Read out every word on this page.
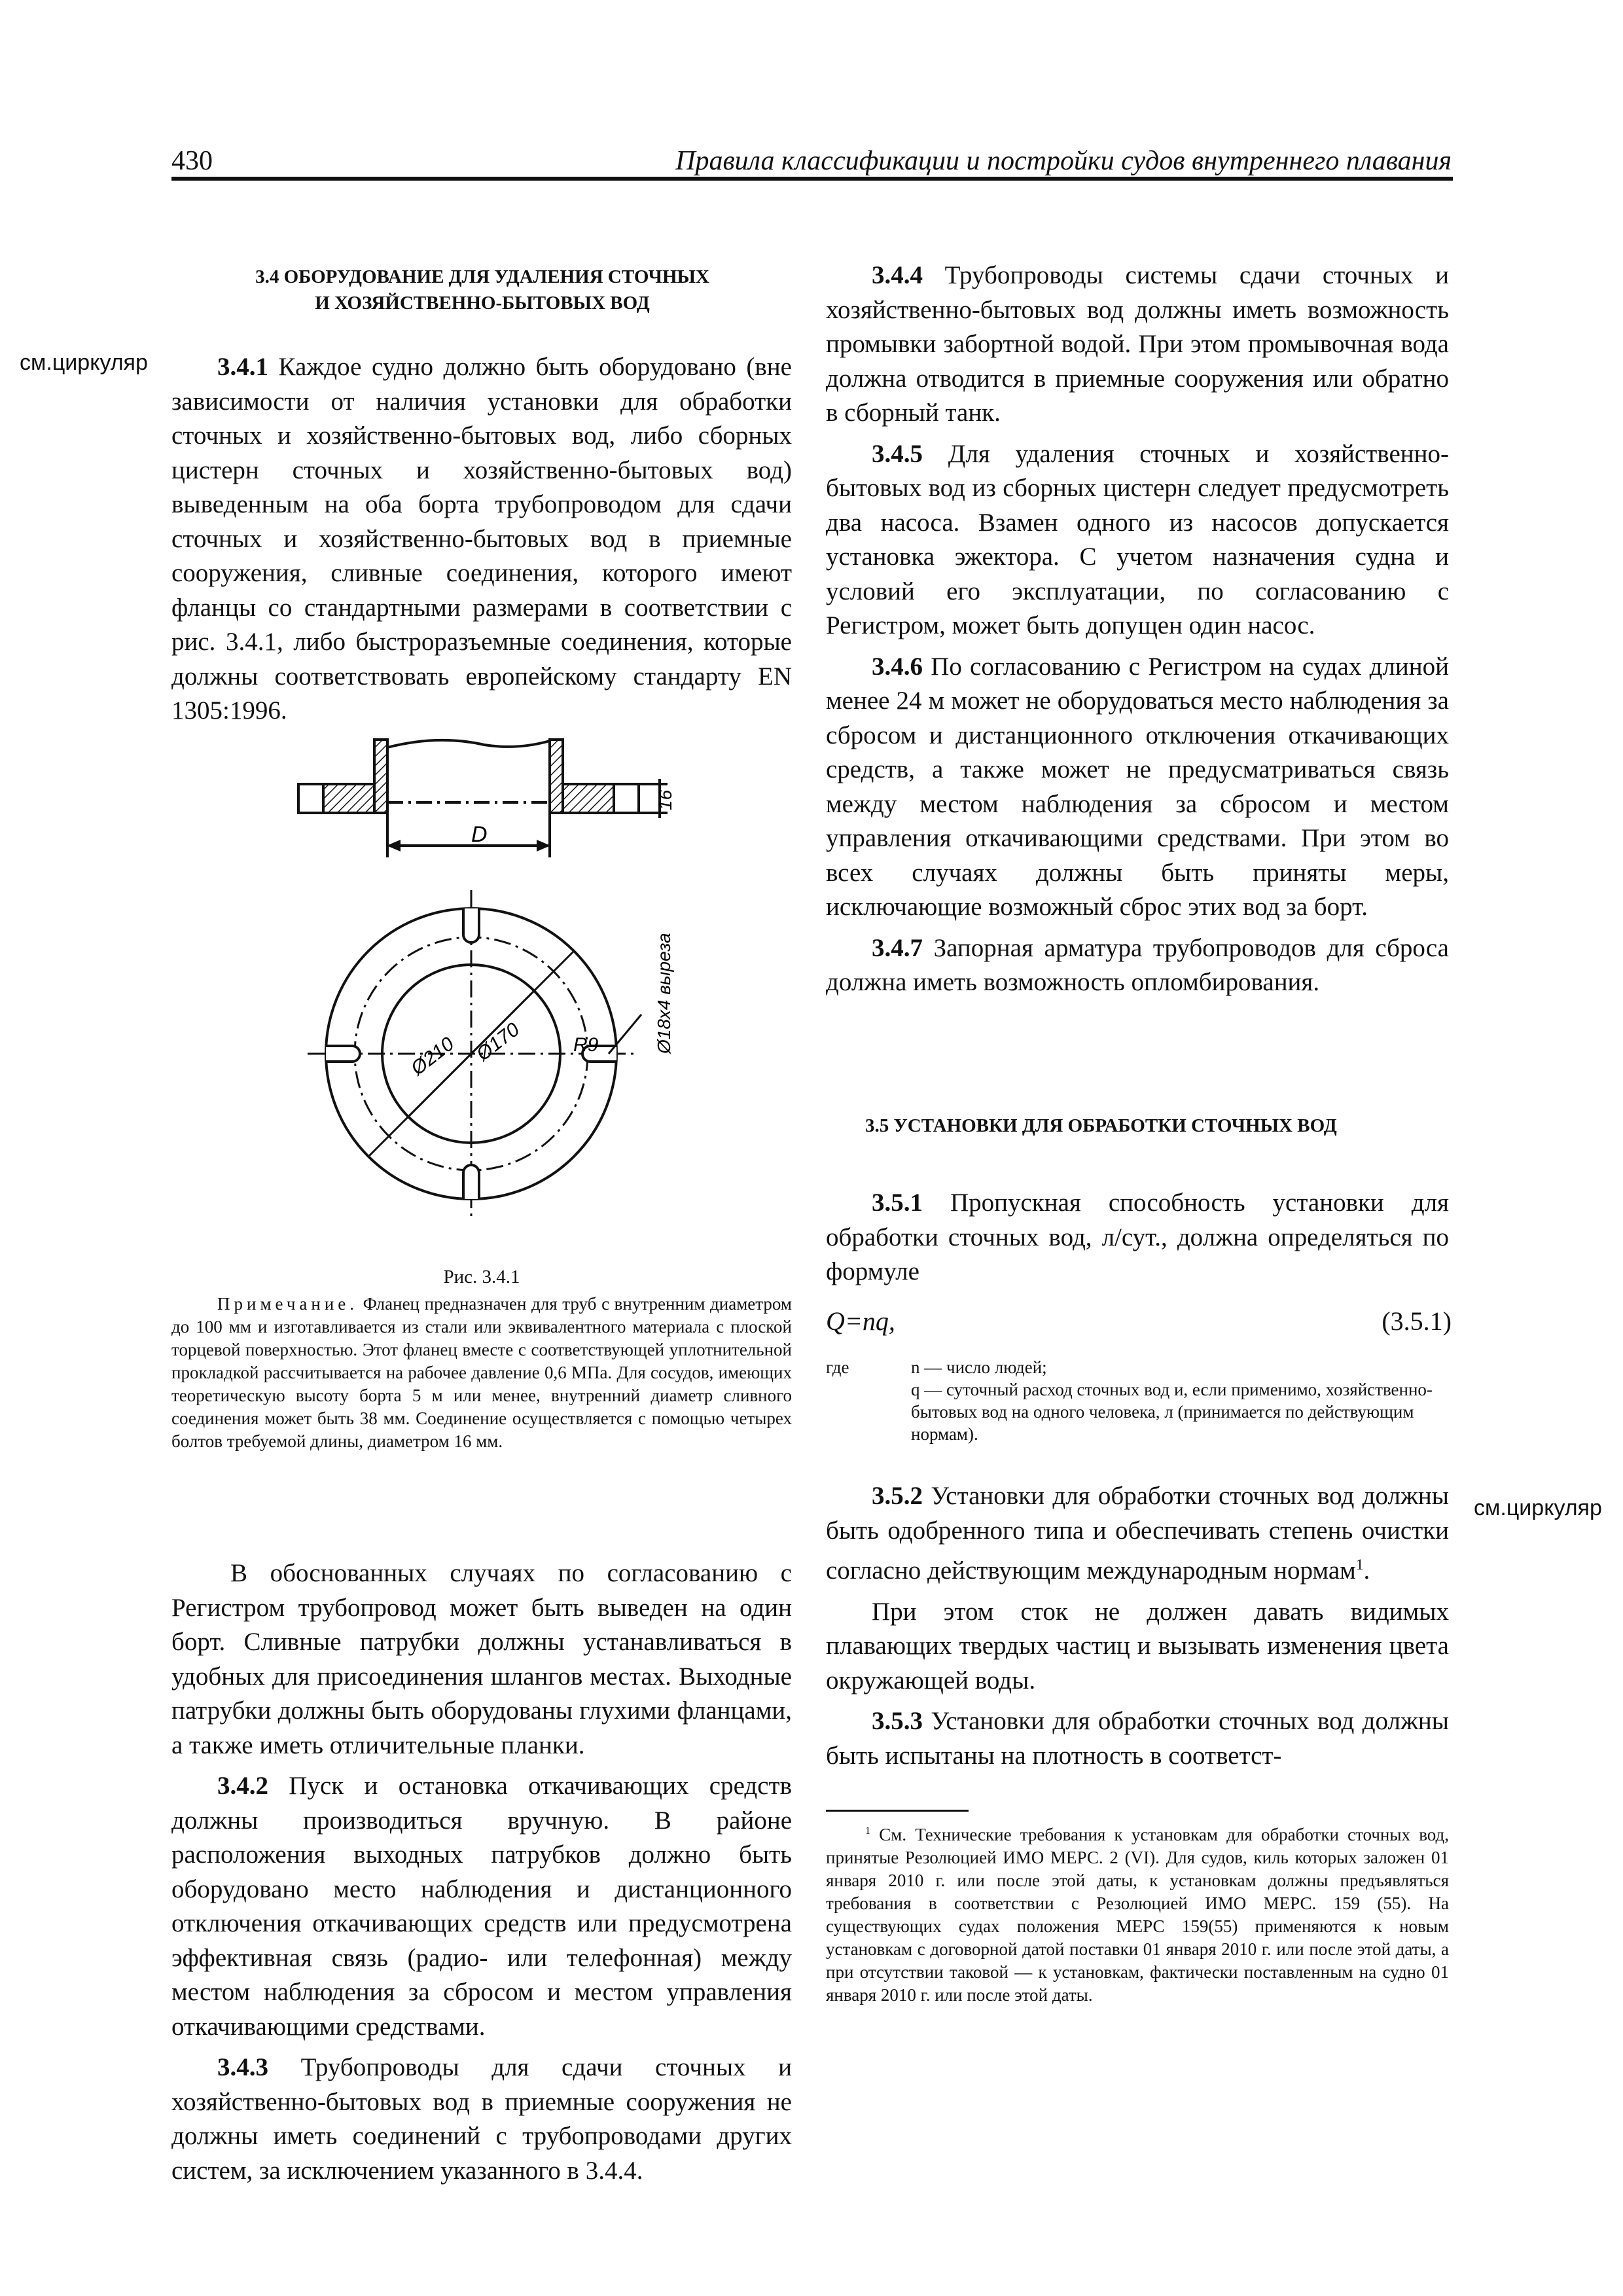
430	Правила классификации и постройки судов внутреннего плавания
см.циркуляр
см.циркуляр
3.4 ОБОРУДОВАНИЕ ДЛЯ УДАЛЕНИЯ СТОЧНЫХ
И ХОЗЯЙСТВЕННО-БЫТОВЫХ ВОД

3.4.1 Каждое судно должно быть оборудовано (вне зависимости от наличия установки для обработки сточных и хозяйственно-бытовых вод, либо сборных цистерн сточных и хозяйственно-бытовых вод) выведенным на оба борта трубопроводом для сдачи сточных и хозяйственно-бытовых вод в приемные сооружения, сливные соединения, которого имеют фланцы со стандартными размерами в соответствии с рис. 3.4.1, либо быстроразъемные соединения, которые должны соответствовать европейскому стандарту EN 1305:1996.

D
16
Ø210 Ø170	R9	Ø18x4 выреза
Рис. 3.4.1
Примечание. Фланец предназначен для труб с внутренним диаметром до 100 мм и изготавливается из стали или эквивалентного материала с плоской торцевой поверхностью. Этот фланец вместе с соответствующей уплотнительной прокладкой рассчитывается на рабочее давление 0,6 МПа. Для сосудов, имеющих теоретическую высоту борта 5 м или менее, внутренний диаметр сливного соединения может быть 38 мм. Соединение осуществляется с помощью четырех болтов требуемой длины, диаметром 16 мм.

В обоснованных случаях по согласованию с Регистром трубопровод может быть выведен на один борт. Сливные патрубки должны устанавливаться в удобных для присоединения шлангов местах. Выходные патрубки должны быть оборудованы глухими фланцами, а также иметь отличительные планки.

3.4.2 Пуск и остановка откачивающих средств должны производиться вручную. В районе расположения выходных патрубков должно быть оборудовано место наблюдения и дистанционного отключения откачивающих средств или предусмотрена эффективная связь (радио- или телефонная) между местом наблюдения за сбросом и местом управления откачивающими средствами.

3.4.3 Трубопроводы для сдачи сточных и хозяйственно-бытовых вод в приемные сооружения не должны иметь соединений с трубопроводами других систем, за исключением указанного в 3.4.4.

3.4.4 Трубопроводы системы сдачи сточных и хозяйственно-бытовых вод должны иметь возможность промывки забортной водой. При этом промывочная вода должна отводится в приемные сооружения или обратно в сборный танк.

3.4.5 Для удаления сточных и хозяйственно-бытовых вод из сборных цистерн следует предусмотреть два насоса. Взамен одного из насосов допускается установка эжектора. С учетом назначения судна и условий его эксплуатации, по согласованию с Регистром, может быть допущен один насос.

3.4.6 По согласованию с Регистром на судах длиной менее 24 м может не оборудоваться место наблюдения за сбросом и дистанционного отключения откачивающих средств, а также может не предусматриваться связь между местом наблюдения за сбросом и местом управления откачивающими средствами. При этом во всех случаях должны быть приняты меры, исключающие возможный сброс этих вод за борт.

3.4.7 Запорная арматура трубопроводов для сброса должна иметь возможность опломбирования.

3.5 УСТАНОВКИ ДЛЯ ОБРАБОТКИ СТОЧНЫХ ВОД

3.5.1 Пропускная способность установки для обработки сточных вод, л/сут., должна определяться по формуле

Q=nq,	(3.5.1)
где	n — число людей;
q — суточный расход сточных вод и, если применимо, хозяйственно-бытовых вод на одного человека, л (принимается по действующим нормам).

3.5.2 Установки для обработки сточных вод должны быть одобренного типа и обеспечивать степень очистки согласно действующим международным нормам$^1$.

При этом сток не должен давать видимых плавающих твердых частиц и вызывать изменения цвета окружающей воды.

3.5.3 Установки для обработки сточных вод должны быть испытаны на плотность в соответст-

$^1$ См. Технические требования к установкам для обработки сточных вод, принятые Резолюцией ИМО МЕРС. 2 (VI). Для судов, киль которых заложен 01 января 2010 г. или после этой даты, к установкам должны предъявляться требования в соответствии с Резолюцией ИМО МЕРС. 159 (55). На существующих судах положения МЕРС 159(55) применяются к новым установкам с договорной датой поставки 01 января 2010 г. или после этой даты, а при отсутствии таковой — к установкам, фактически поставленным на судно 01 января 2010 г. или после этой даты.
